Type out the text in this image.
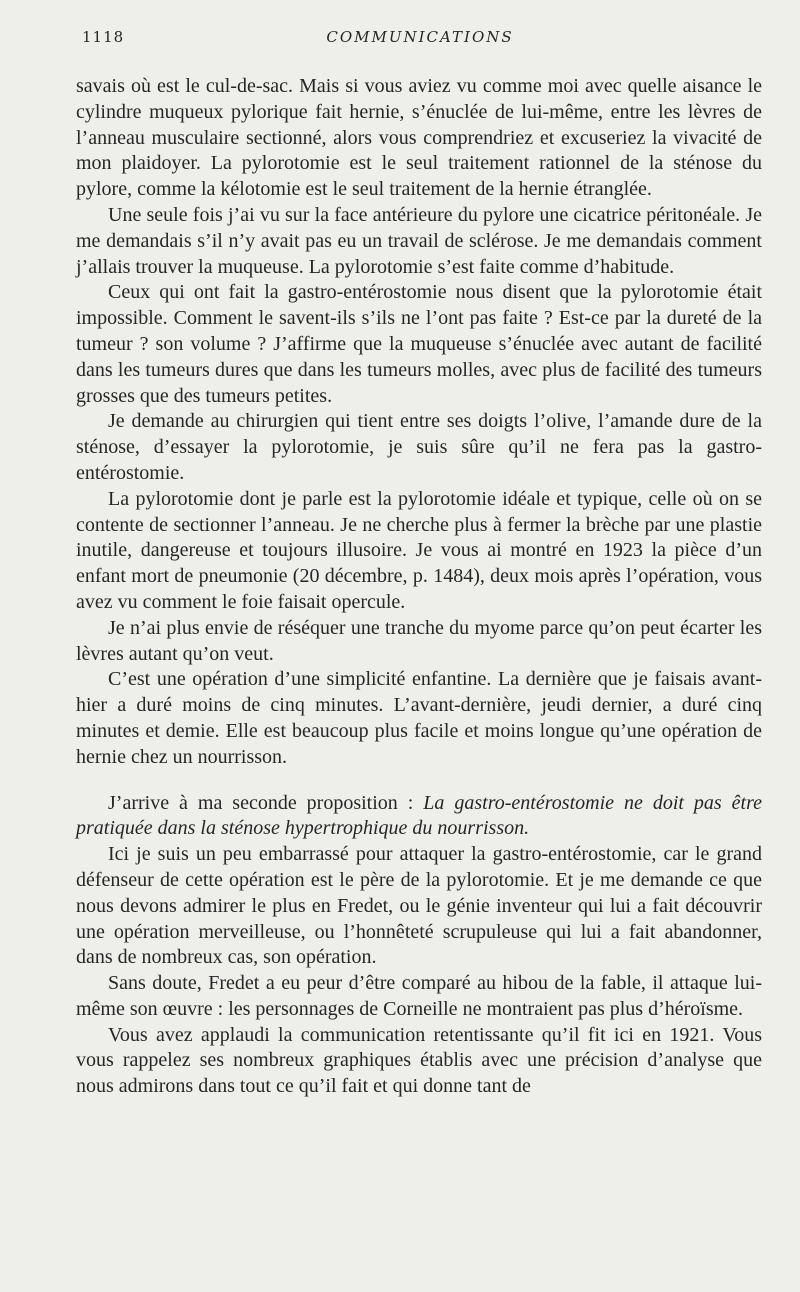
1118	COMMUNICATIONS

savais où est le cul-de-sac. Mais si vous aviez vu comme moi avec quelle aisance le cylindre muqueux pylorique fait hernie, s’énuclée de lui-même, entre les lèvres de l’anneau musculaire sectionné, alors vous comprendriez et excuseriez la vivacité de mon plaidoyer. La pylorotomie est le seul traitement rationnel de la sténose du pylore, comme la kélotomie est le seul traitement de la hernie étranglée.

Une seule fois j’ai vu sur la face antérieure du pylore une cicatrice péritonéale. Je me demandais s’il n’y avait pas eu un travail de sclérose. Je me demandais comment j’allais trouver la muqueuse. La pylorotomie s’est faite comme d’habitude.

Ceux qui ont fait la gastro-entérostomie nous disent que la pylorotomie était impossible. Comment le savent-ils s’ils ne l’ont pas faite ? Est-ce par la dureté de la tumeur ? son volume ? J’affirme que la muqueuse s’énuclée avec autant de facilité dans les tumeurs dures que dans les tumeurs molles, avec plus de facilité des tumeurs grosses que des tumeurs petites.

Je demande au chirurgien qui tient entre ses doigts l’olive, l’amande dure de la sténose, d’essayer la pylorotomie, je suis sûre qu’il ne fera pas la gastro-entérostomie.

La pylorotomie dont je parle est la pylorotomie idéale et typique, celle où on se contente de sectionner l’anneau. Je ne cherche plus à fermer la brèche par une plastie inutile, dangereuse et toujours illusoire. Je vous ai montré en 1923 la pièce d’un enfant mort de pneumonie (20 décembre, p. 1484), deux mois après l’opération, vous avez vu comment le foie faisait opercule.

Je n’ai plus envie de réséquer une tranche du myome parce qu’on peut écarter les lèvres autant qu’on veut.

C’est une opération d’une simplicité enfantine. La dernière que je faisais avant-hier a duré moins de cinq minutes. L’avant-dernière, jeudi dernier, a duré cinq minutes et demie. Elle est beaucoup plus facile et moins longue qu’une opération de hernie chez un nourrisson.

J’arrive à ma seconde proposition : La gastro-entérostomie ne doit pas être pratiquée dans la sténose hypertrophique du nourrisson.

Ici je suis un peu embarrassé pour attaquer la gastro-entérostomie, car le grand défenseur de cette opération est le père de la pylorotomie. Et je me demande ce que nous devons admirer le plus en Fredet, ou le génie inventeur qui lui a fait découvrir une opération merveilleuse, ou l’honnêteté scrupuleuse qui lui a fait abandonner, dans de nombreux cas, son opération.

Sans doute, Fredet a eu peur d’être comparé au hibou de la fable, il attaque lui-même son œuvre : les personnages de Corneille ne montraient pas plus d’héroïsme.

Vous avez applaudi la communication retentissante qu’il fit ici en 1921. Vous vous rappelez ses nombreux graphiques établis avec une précision d’analyse que nous admirons dans tout ce qu’il fait et qui donne tant de
